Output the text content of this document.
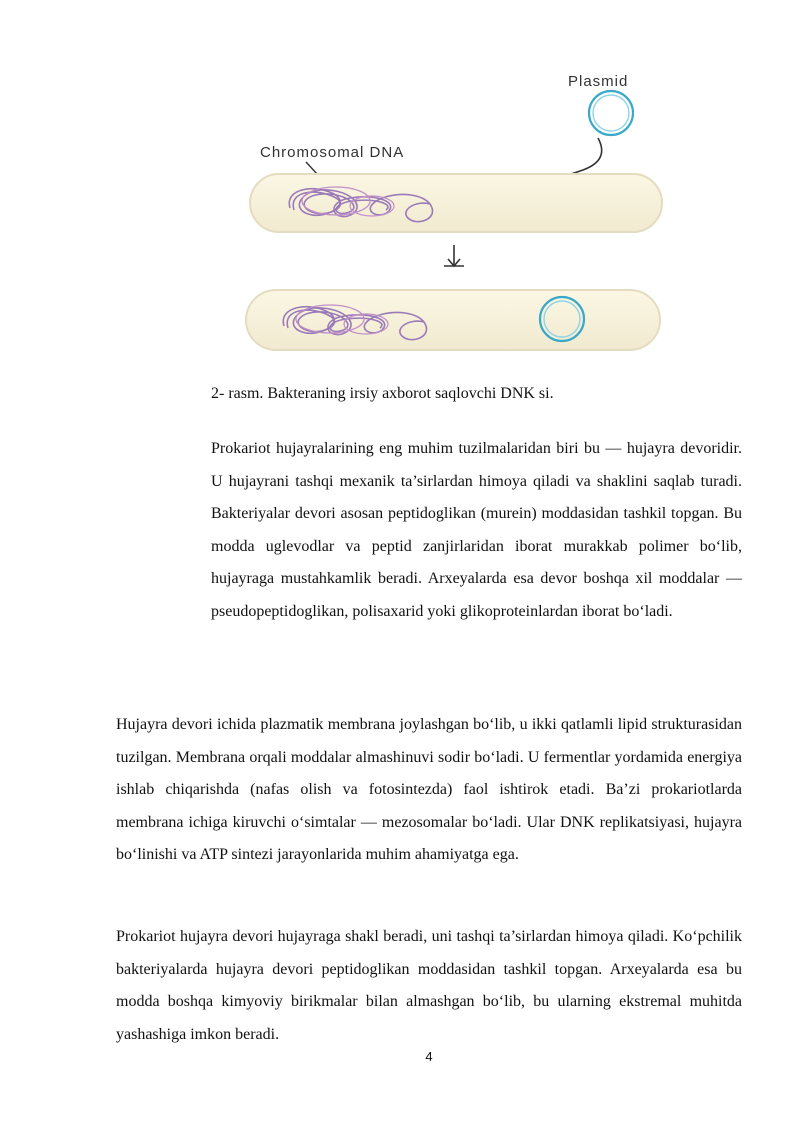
Plasmid
Chromosomal DNA

2- rasm. Bakteraning irsiy axborot saqlovchi DNK si.

Prokariot hujayralarining eng muhim tuzilmalaridan biri bu — hujayra devoridir. U hujayrani tashqi mexanik ta’sirlardan himoya qiladi va shaklini saqlab turadi. Bakteriyalar devori asosan peptidoglikan (murein) moddasidan tashkil topgan. Bu modda uglevodlar va peptid zanjirlaridan iborat murakkab polimer bo‘lib, hujayraga mustahkamlik beradi. Arxeyalarda esa devor boshqa xil moddalar — pseudopeptidoglikan, polisaxarid yoki glikoproteinlardan iborat bo‘ladi.

Hujayra devori ichida plazmatik membrana joylashgan bo‘lib, u ikki qatlamli lipid strukturasidan tuzilgan. Membrana orqali moddalar almashinuvi sodir bo‘ladi. U fermentlar yordamida energiya ishlab chiqarishda (nafas olish va fotosintezda) faol ishtirok etadi. Ba’zi prokariotlarda membrana ichiga kiruvchi o‘simtalar — mezosomalar bo‘ladi. Ular DNK replikatsiyasi, hujayra bo‘linishi va ATP sintezi jarayonlarida muhim ahamiyatga ega.

Prokariot hujayra devori hujayraga shakl beradi, uni tashqi ta’sirlardan himoya qiladi. Ko‘pchilik bakteriyalarda hujayra devori peptidoglikan moddasidan tashkil topgan. Arxeyalarda esa bu modda boshqa kimyoviy birikmalar bilan almashgan bo‘lib, bu ularning ekstremal muhitda yashashiga imkon beradi.

4
